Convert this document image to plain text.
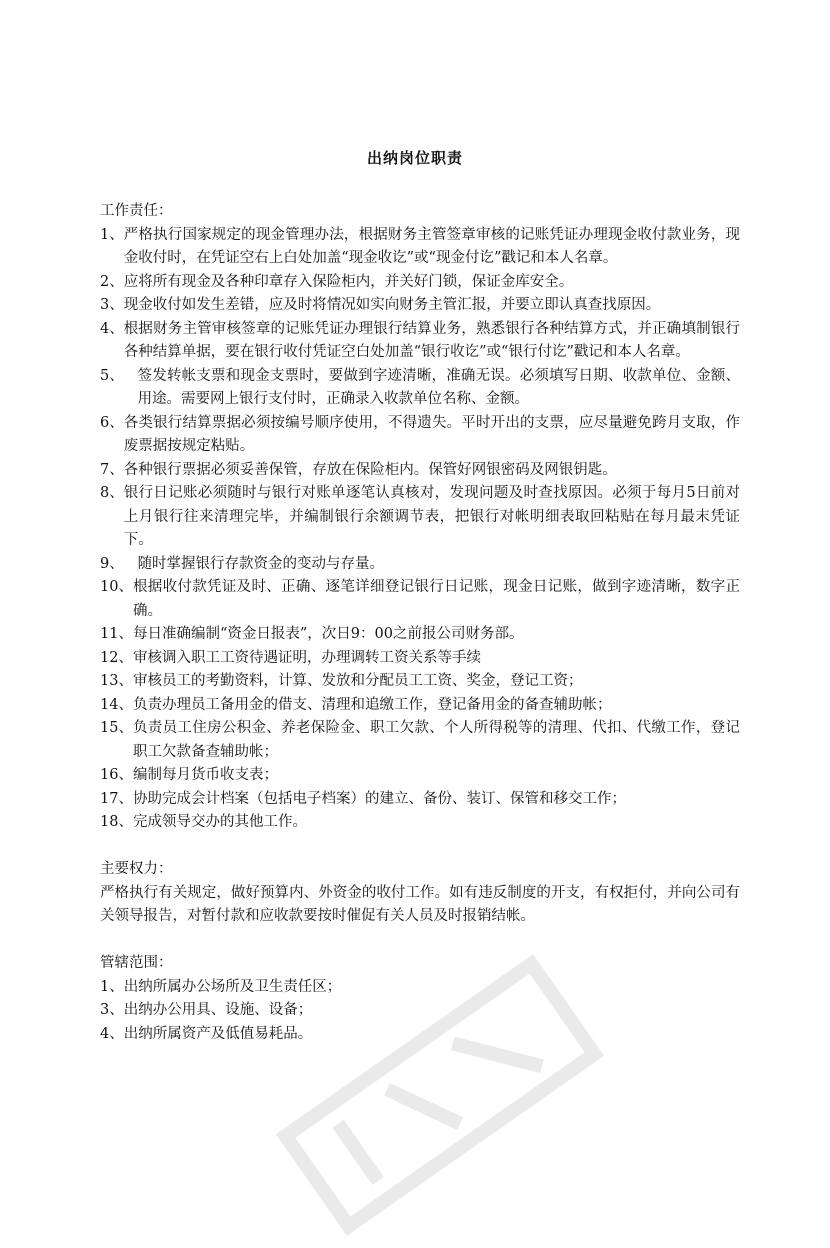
出纳岗位职责

工作责任：

1、 严格执行国家规定的现金管理办法，根据财务主管签章审核的记账凭证办理现金收付款业务，现金收付时，在凭证空右上白处加盖“现金收讫”或“现金付讫”戳记和本人名章。
2、 应将所有现金及各种印章存入保险柜内，并关好门锁，保证金库安全。
3、 现金收付如发生差错，应及时将情况如实向财务主管汇报，并要立即认真查找原因。
4、 根据财务主管审核签章的记账凭证办理银行结算业务，熟悉银行各种结算方式，并正确填制银行各种结算单据，要在银行收付凭证空白处加盖“银行收讫”或“银行付讫”戳记和本人名章。
5、 签发转帐支票和现金支票时，要做到字迹清晰，准确无误。必须填写日期、收款单位、金额、用途。需要网上银行支付时，正确录入收款单位名称、金额。
6、 各类银行结算票据必须按编号顺序使用，不得遗失。平时开出的支票，应尽量避免跨月支取，作废票据按规定粘贴。
7、 各种银行票据必须妥善保管，存放在保险柜内。保管好网银密码及网银钥匙。
8、 银行日记账必须随时与银行对账单逐笔认真核对，发现问题及时查找原因。必须于每月5日前对上月银行往来清理完毕，并编制银行余额调节表，把银行对帐明细表取回粘贴在每月最末凭证下。
9、 随时掌握银行存款资金的变动与存量。
10、 根据收付款凭证及时、正确、逐笔详细登记银行日记账，现金日记账，做到字迹清晰，数字正确。
11、 每日准确编制“资金日报表”，次日9：00之前报公司财务部。
12、 审核调入职工工资待遇证明，办理调转工资关系等手续
13、 审核员工的考勤资料，计算、发放和分配员工工资、奖金，登记工资；
14、 负责办理员工备用金的借支、清理和追缴工作，登记备用金的备查辅助帐；
15、 负责员工住房公积金、养老保险金、职工欠款、个人所得税等的清理、代扣、代缴工作，登记职工欠款备查辅助帐；
16、 编制每月货币收支表；
17、 协助完成会计档案（包括电子档案）的建立、备份、装订、保管和移交工作；
18、 完成领导交办的其他工作。

主要权力：

严格执行有关规定，做好预算内、外资金的收付工作。如有违反制度的开支，有权拒付，并向公司有关领导报告，对暂付款和应收款要按时催促有关人员及时报销结帐。

管辖范围：

1、 出纳所属办公场所及卫生责任区；
3、 出纳办公用具、设施、设备；
4、 出纳所属资产及低值易耗品。
